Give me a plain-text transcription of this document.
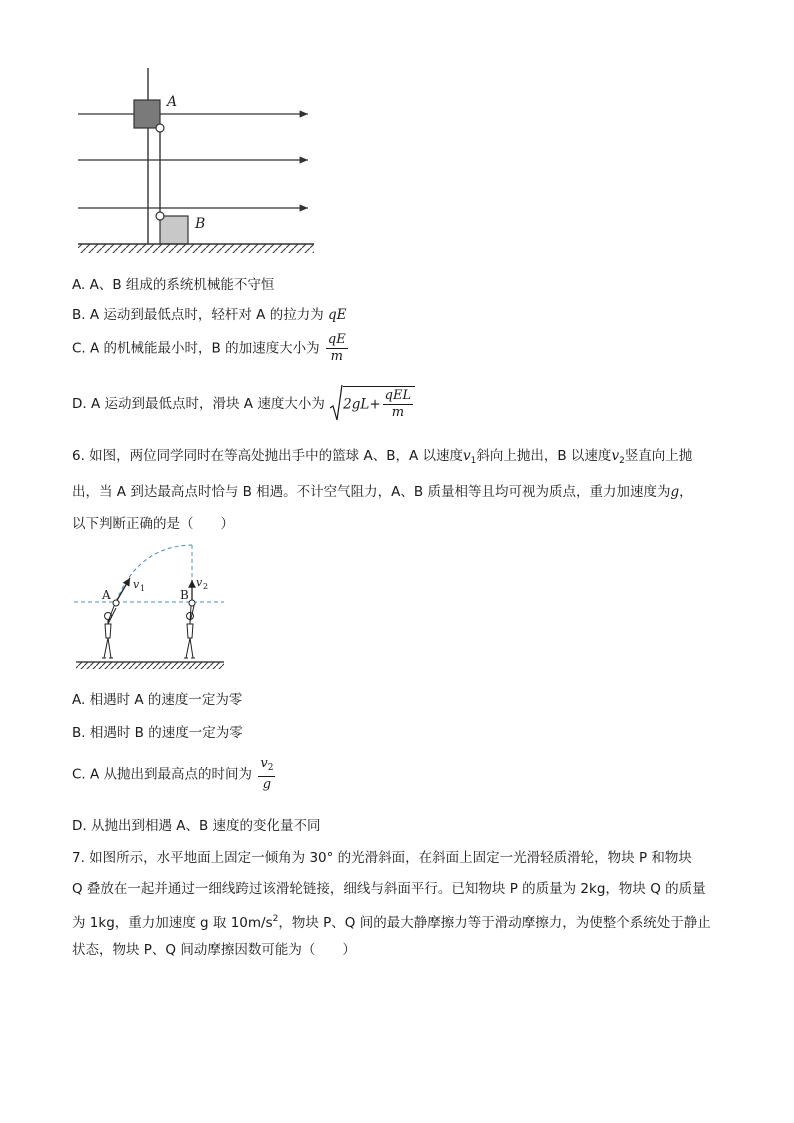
A
B
A. A、B 组成的系统机械能不守恒
B. A 运动到最低点时，轻杆对 A 的拉力为 qE
C. A 的机械能最小时，B 的加速度大小为 $\frac{qE}{m}$
D. A 运动到最低点时，滑块 A 速度大小为 $2gL+ \frac{\text{qEL}}{m}$
6. 如图，两位同学同时在等高处抛出手中的篮球 A、B，A 以速度$v_1$斜向上抛出，B 以速度$v_2$竖直向上抛
出，当 A 到达最高点时恰与 B 相遇。不计空气阻力，A、B 质量相等且均可视为质点，重力加速度为g，
以下判断正确的是（　　）
A	B
v 1	v 2
A. 相遇时 A 的速度一定为零
B. 相遇时 B 的速度一定为零
C. A 从抛出到最高点的时间为 $\frac{v_2}{g}$
D. 从抛出到相遇 A、B 速度的变化量不同
7. 如图所示，水平地面上固定一倾角为 30° 的光滑斜面，在斜面上固定一光滑轻质滑轮，物块 P 和物块
Q 叠放在一起并通过一细线跨过该滑轮链接，细线与斜面平行。已知物块 P 的质量为 2kg，物块 Q 的质量
为 1kg，重力加速度 g 取 $10m/s^2$，物块 P、Q 间的最大静摩擦力等于滑动摩擦力，为使整个系统处于静止
状态，物块 P、Q 间动摩擦因数可能为（　　）
